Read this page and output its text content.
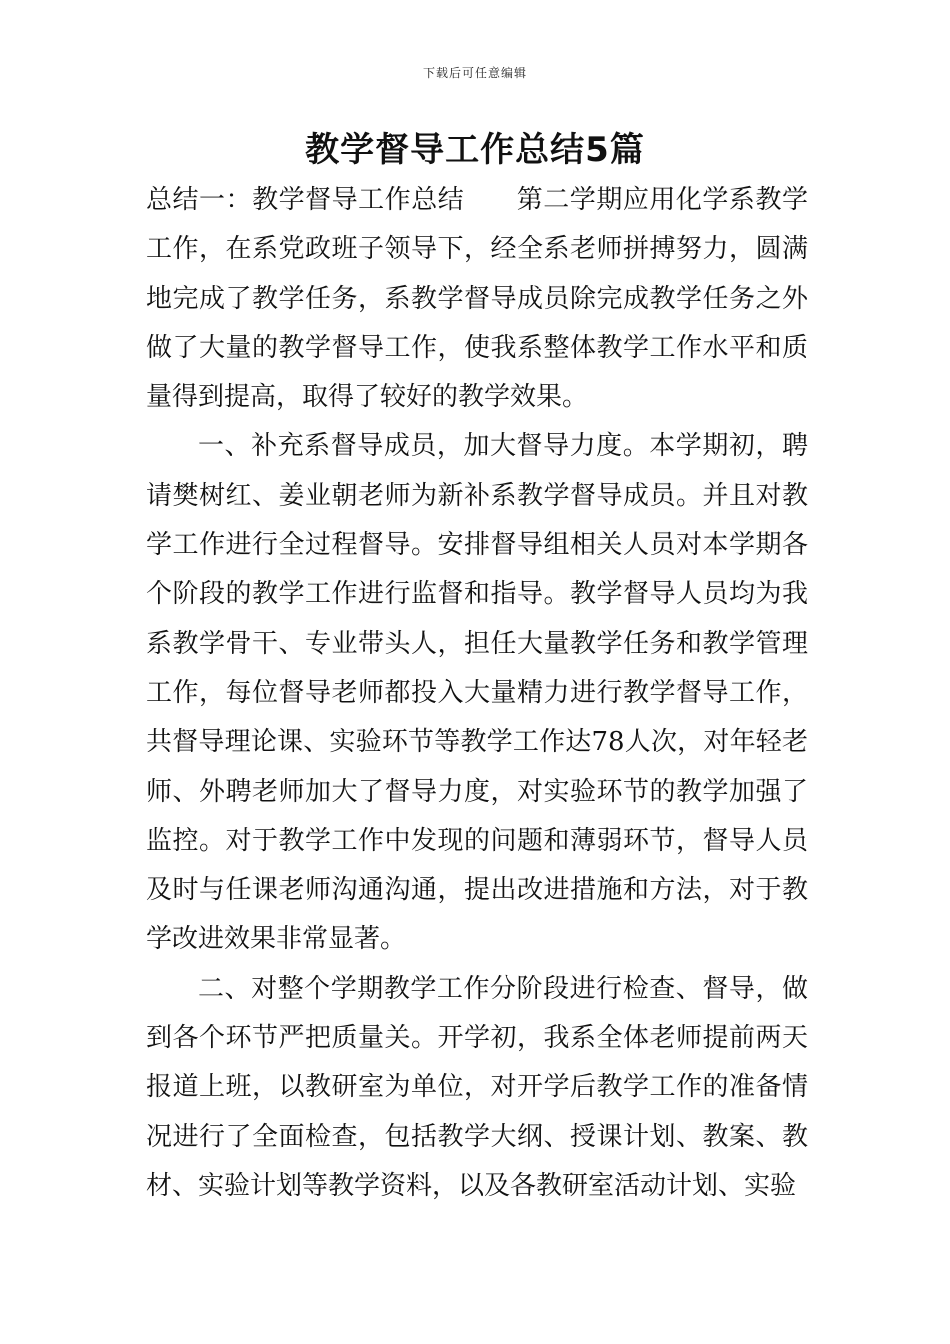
下载后可任意编辑
教学督导工作总结5篇

总结一：教学督导工作总结 第二学期应用化学系教学工作，在系党政班子领导下，经全系老师拼搏努力，圆满地完成了教学任务，系教学督导成员除完成教学任务之外做了大量的教学督导工作，使我系整体教学工作水平和质量得到提高，取得了较好的教学效果。

一、补充系督导成员，加大督导力度。本学期初，聘请樊树红、姜业朝老师为新补系教学督导成员。并且对教学工作进行全过程督导。安排督导组相关人员对本学期各个阶段的教学工作进行监督和指导。教学督导人员均为我系教学骨干、专业带头人，担任大量教学任务和教学管理工作，每位督导老师都投入大量精力进行教学督导工作，共督导理论课、实验环节等教学工作达78人次，对年轻老师、外聘老师加大了督导力度，对实验环节的教学加强了监控。对于教学工作中发现的问题和薄弱环节，督导人员及时与任课老师沟通沟通，提出改进措施和方法，对于教学改进效果非常显著。

二、对整个学期教学工作分阶段进行检查、督导，做到各个环节严把质量关。开学初，我系全体老师提前两天报道上班，以教研室为单位，对开学后教学工作的准备情况进行了全面检查，包括教学大纲、授课计划、教案、教材、实验计划等教学资料，以及各教研室活动计划、实验
